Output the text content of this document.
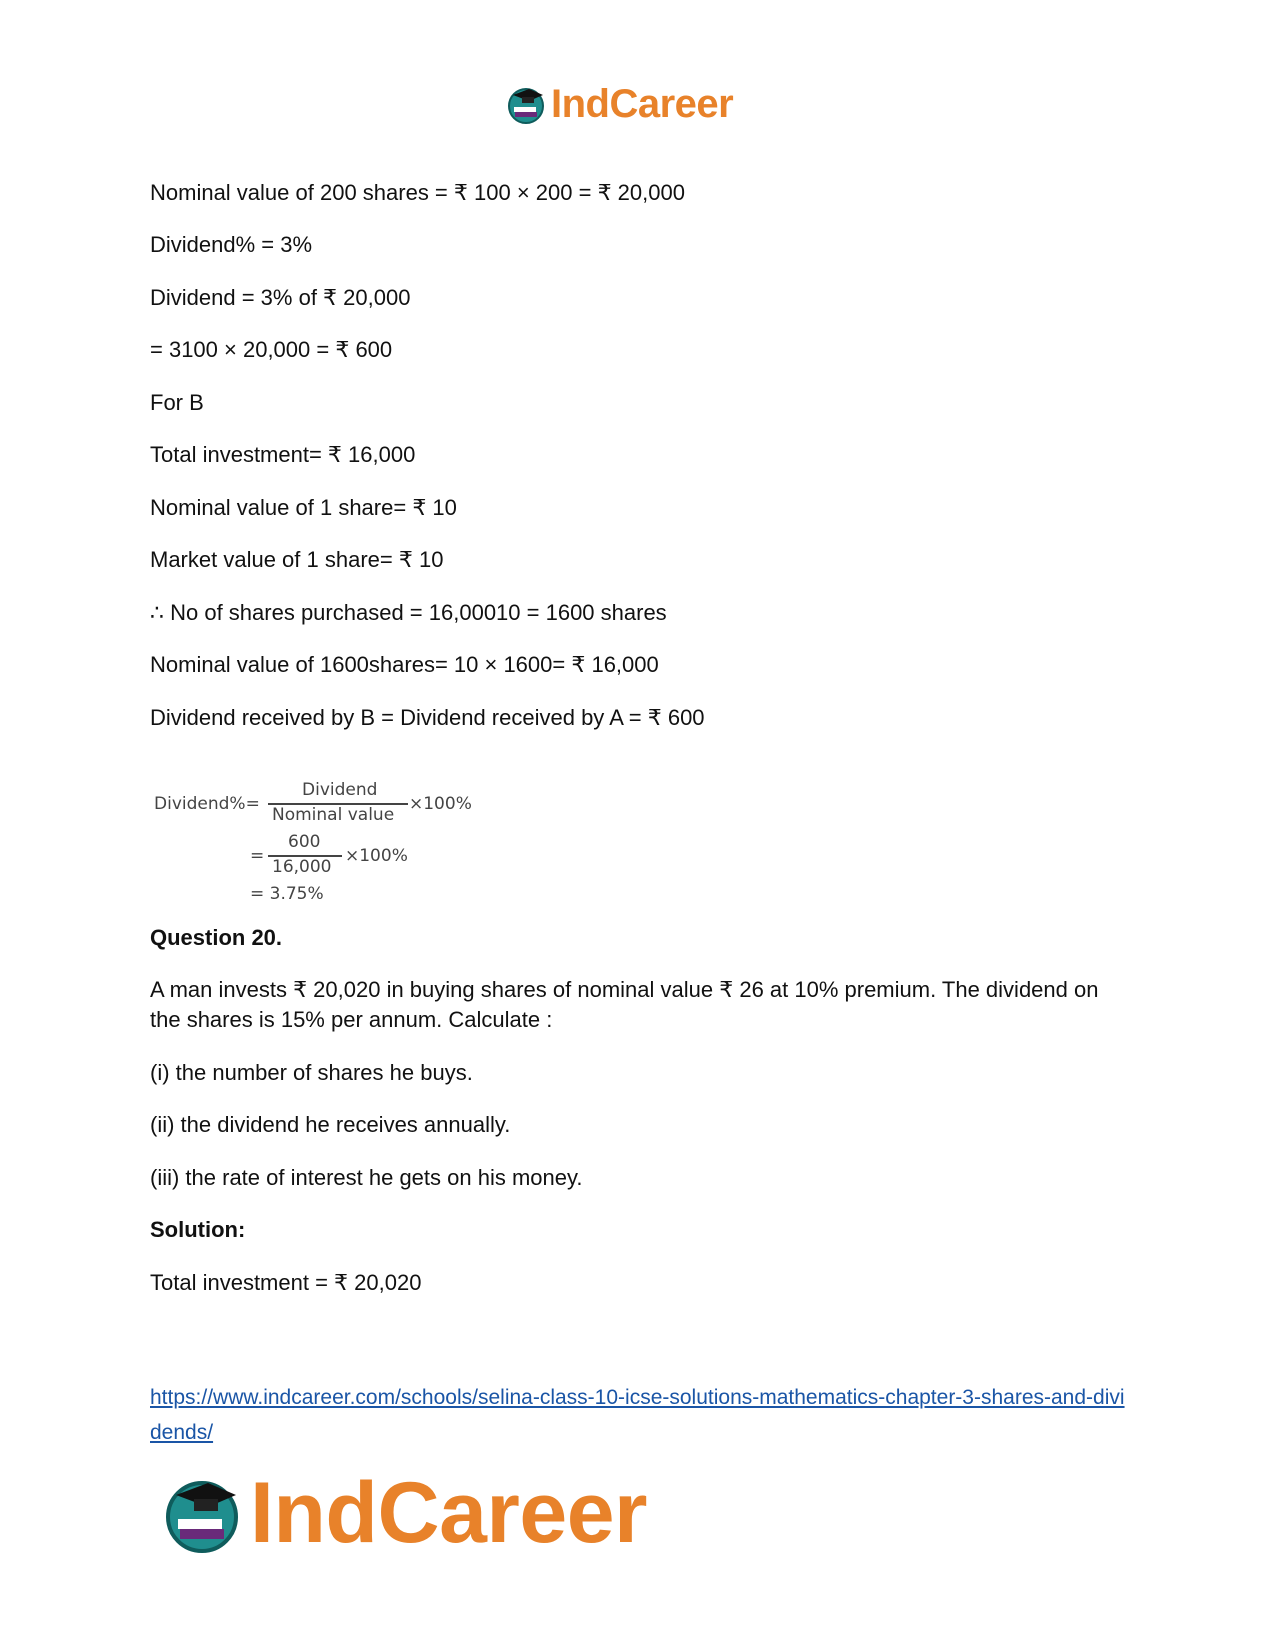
IndCareer
Nominal value of 200 shares = ₹ 100 × 200 = ₹ 20,000
Dividend% = 3%
Dividend = 3% of ₹ 20,000
= 3100 × 20,000 = ₹ 600
For B
Total investment= ₹ 16,000
Nominal value of 1 share= ₹ 10
Market value of 1 share= ₹ 10
∴ No of shares purchased = 16,00010 = 1600 shares
Nominal value of 1600shares= 10 × 1600= ₹ 16,000
Dividend received by B = Dividend received by A = ₹ 600
Dividend%=
Dividend
Nominal value
×100%
=
600
16,000
×100%
= 3.75%
Question 20.
A man invests ₹ 20,020 in buying shares of nominal value ₹ 26 at 10% premium. The dividend on the shares is 15% per annum. Calculate :
(i) the number of shares he buys.
(ii) the dividend he receives annually.
(iii) the rate of interest he gets on his money.
Solution:
Total investment = ₹ 20,020
https://www.indcareer.com/schools/selina-class-10-icse-solutions-mathematics-chapter-3-shares-and-dividends/
IndCareer
